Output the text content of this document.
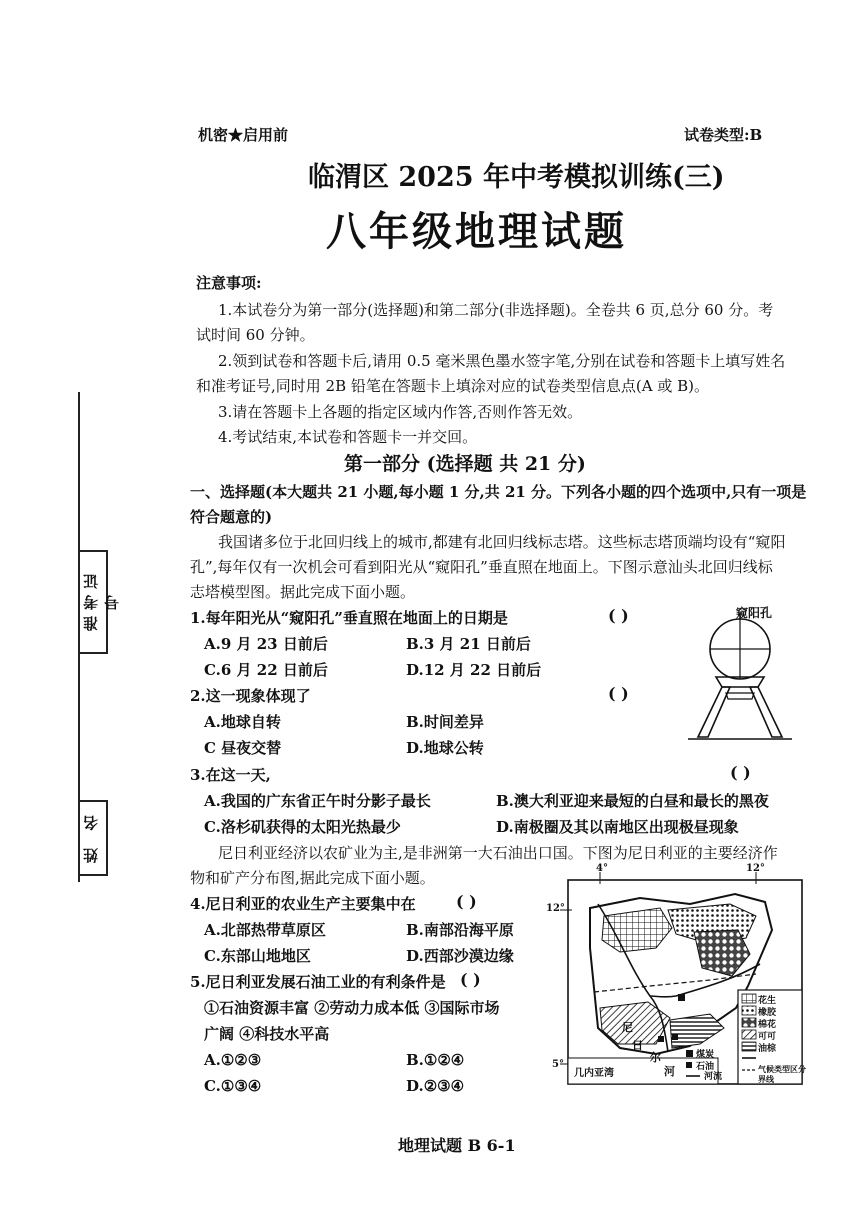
机密★启用前	试卷类型:B
临渭区 2025 年中考模拟训练(三)
八年级地理试题
准考证号
姓 名
注意事项:
1.本试卷分为第一部分(选择题)和第二部分(非选择题)。全卷共 6 页,总分 60 分。考
试时间 60 分钟。
2.领到试卷和答题卡后,请用 0.5 毫米黑色墨水签字笔,分别在试卷和答题卡上填写姓名
和准考证号,同时用 2B 铅笔在答题卡上填涂对应的试卷类型信息点(A 或 B)。
3.请在答题卡上各题的指定区域内作答,否则作答无效。
4.考试结束,本试卷和答题卡一并交回。
第一部分 (选择题 共 21 分)
一、选择题(本大题共 21 小题,每小题 1 分,共 21 分。下列各小题的四个选项中,只有一项是
符合题意的)
我国诸多位于北回归线上的城市,都建有北回归线标志塔。这些标志塔顶端均设有“窥阳
孔”,每年仅有一次机会可看到阳光从“窥阳孔”垂直照在地面上。下图示意汕头北回归线标
志塔模型图。据此完成下面小题。
1.每年阳光从“窥阳孔”垂直照在地面上的日期是	( )
A.9 月 23 日前后	B.3 月 21 日前后
C.6 月 22 日前后	D.12 月 22 日前后
2.这一现象体现了	( )
A.地球自转	B.时间差异
C 昼夜交替	D.地球公转
窥阳孔
3.在这一天,	( )
A.我国的广东省正午时分影子最长	B.澳大利亚迎来最短的白昼和最长的黑夜
C.洛杉矶获得的太阳光热最少	D.南极圈及其以南地区出现极昼现象
尼日利亚经济以农矿业为主,是非洲第一大石油出口国。下图为尼日利亚的主要经济作
物和矿产分布图,据此完成下面小题。
4.尼日利亚的农业生产主要集中在	( )
A.北部热带草原区	B.南部沿海平原
C.东部山地地区	D.西部沙漠边缘
5.尼日利亚发展石油工业的有利条件是 ( )
①石油资源丰富 ②劳动力成本低 ③国际市场
广阔 ④科技水平高
A.①②③	B.①②④
C.①③④	D.②③④
4°	12°
12°
5°
尼
日
尔
河
几内亚湾
花生
橡胶
棉花
可可
油棕
气候类型区分界线
煤炭
石油
河流
地理试题 B 6-1
